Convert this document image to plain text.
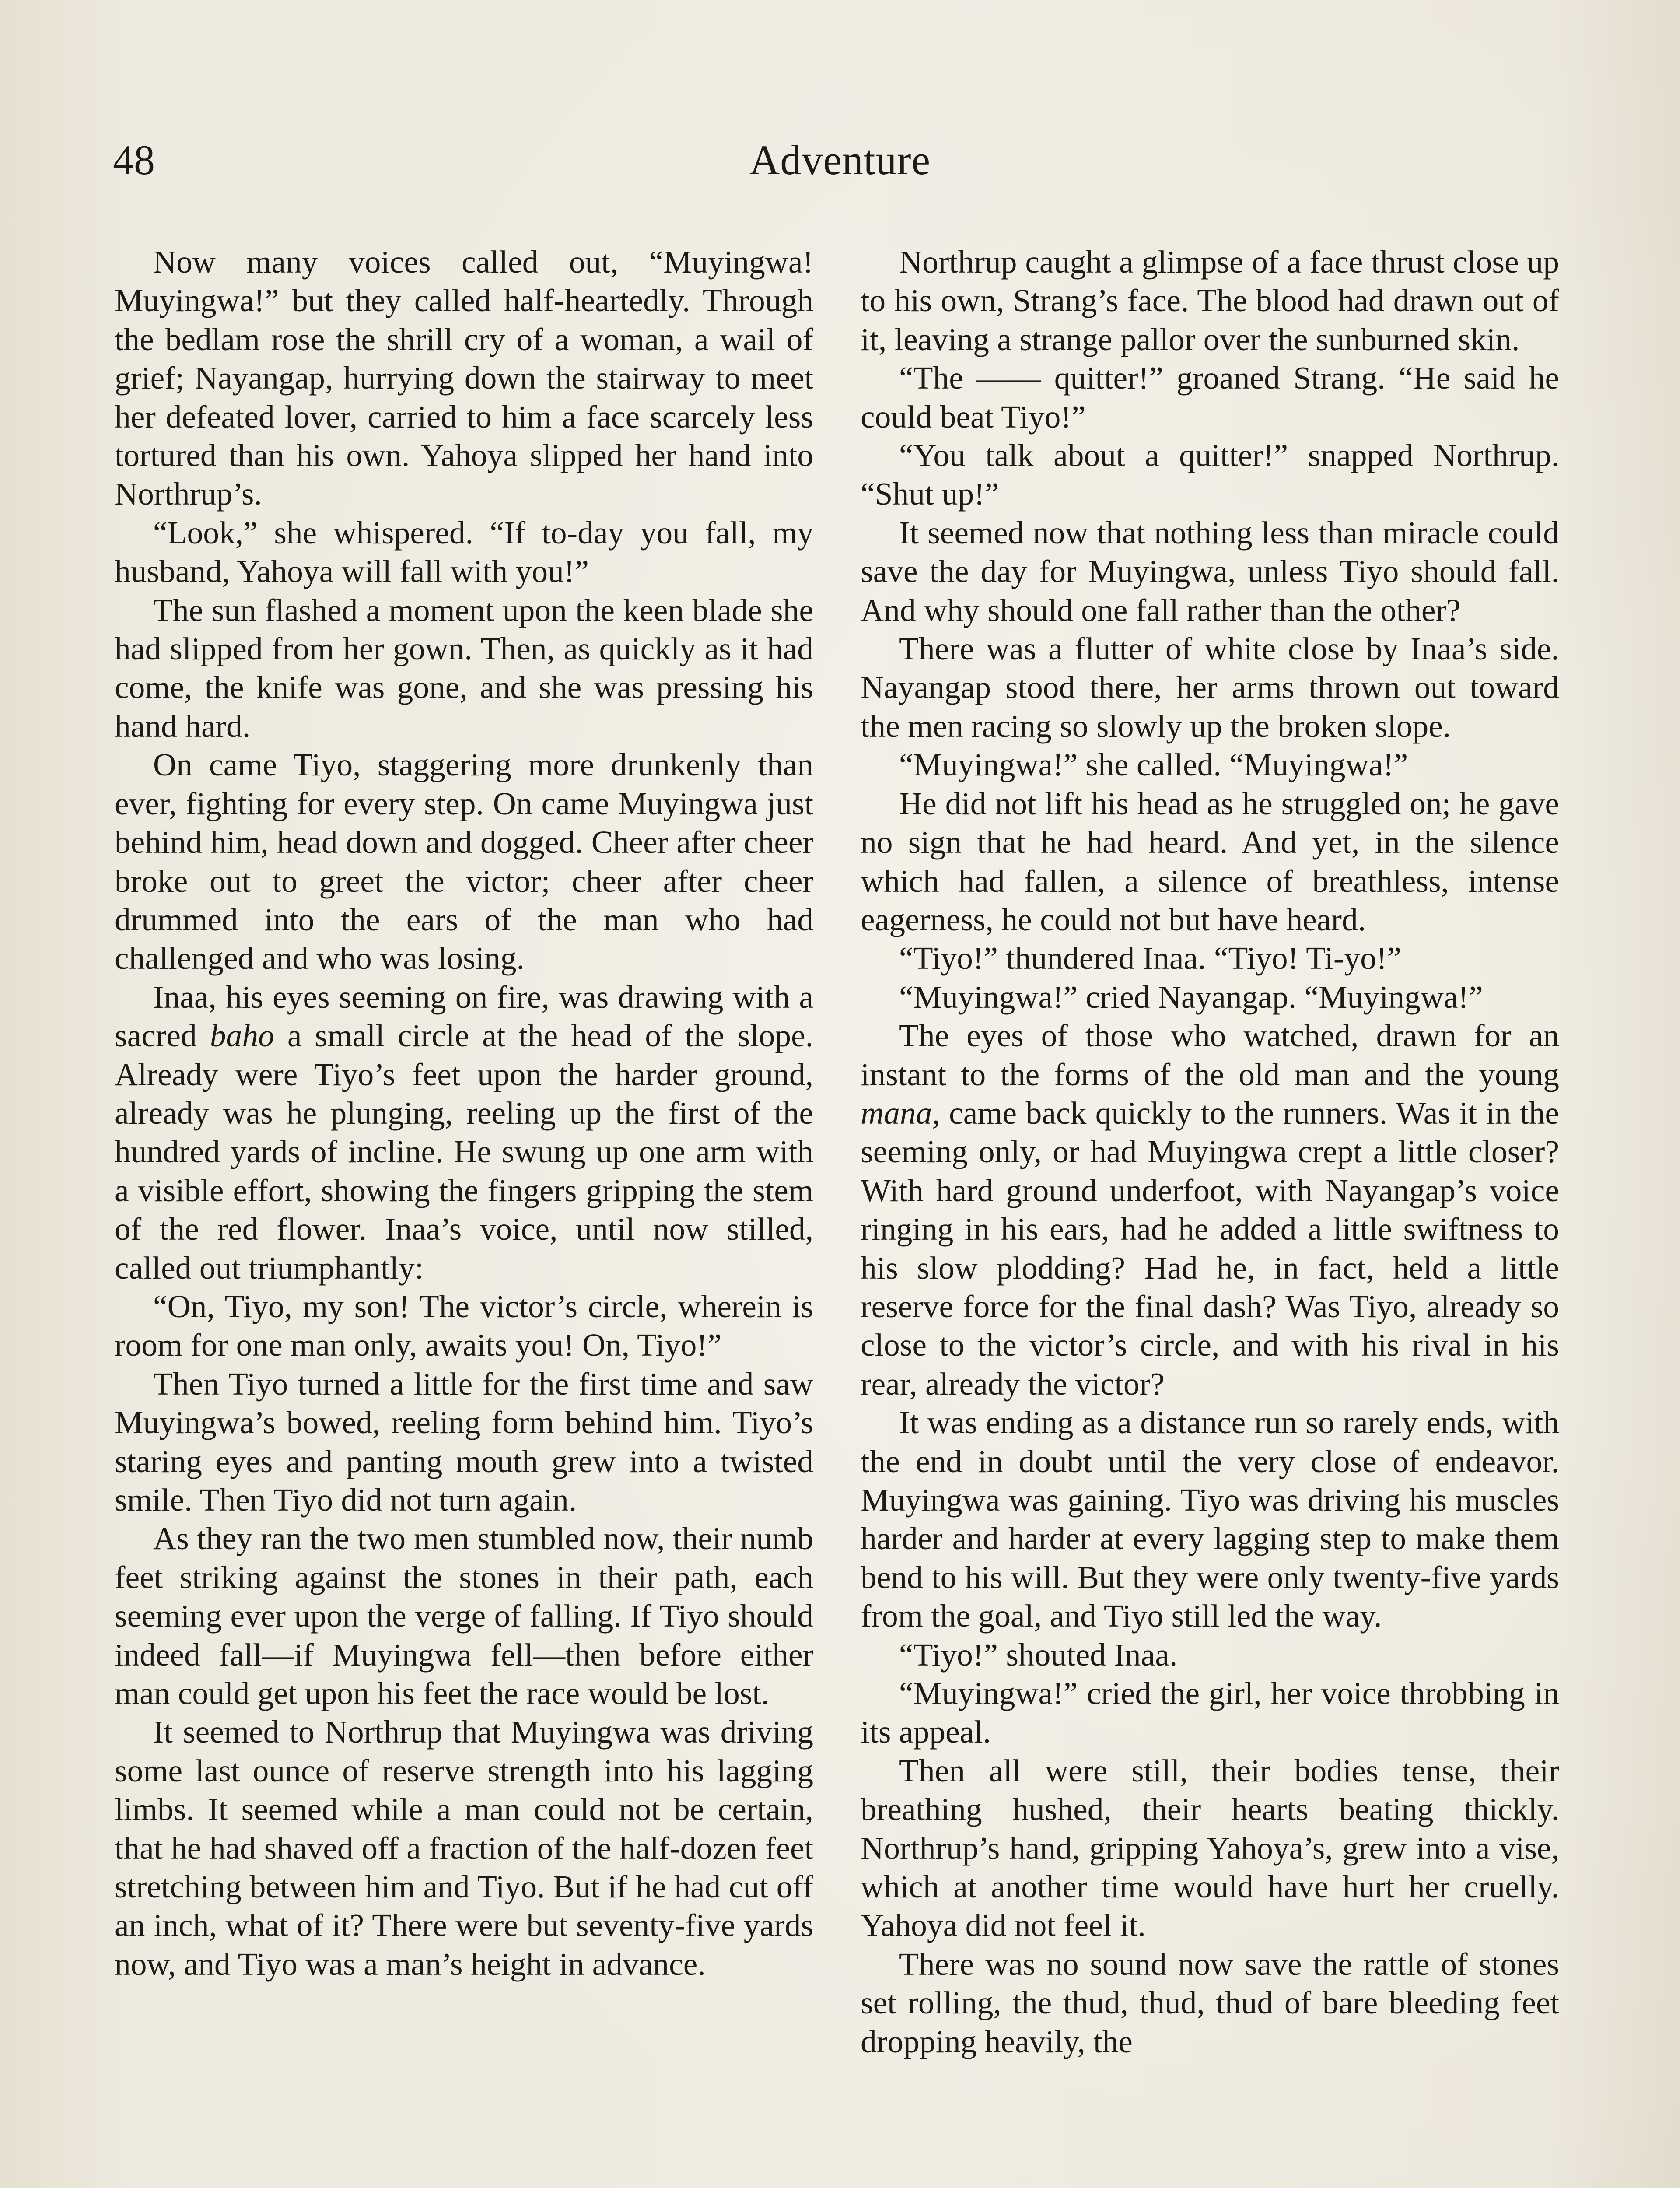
48	Adventure

Now many voices called out, “Muyingwa! Muyingwa!” but they called half-heartedly. Through the bedlam rose the shrill cry of a woman, a wail of grief; Nayangap, hurrying down the stairway to meet her defeated lover, carried to him a face scarcely less tortured than his own. Yahoya slipped her hand into Northrup’s.

“Look,” she whispered. “If to-day you fall, my husband, Yahoya will fall with you!”

The sun flashed a moment upon the keen blade she had slipped from her gown. Then, as quickly as it had come, the knife was gone, and she was pressing his hand hard.

On came Tiyo, staggering more drunkenly than ever, fighting for every step. On came Muyingwa just behind him, head down and dogged. Cheer after cheer broke out to greet the victor; cheer after cheer drummed into the ears of the man who had challenged and who was losing.

Inaa, his eyes seeming on fire, was drawing with a sacred baho a small circle at the head of the slope. Already were Tiyo’s feet upon the harder ground, already was he plunging, reeling up the first of the hundred yards of incline. He swung up one arm with a visible effort, showing the fingers gripping the stem of the red flower. Inaa’s voice, until now stilled, called out triumphantly:

“On, Tiyo, my son! The victor’s circle, wherein is room for one man only, awaits you! On, Tiyo!”

Then Tiyo turned a little for the first time and saw Muyingwa’s bowed, reeling form behind him. Tiyo’s staring eyes and panting mouth grew into a twisted smile. Then Tiyo did not turn again.

As they ran the two men stumbled now, their numb feet striking against the stones in their path, each seeming ever upon the verge of falling. If Tiyo should indeed fall—if Muyingwa fell—then before either man could get upon his feet the race would be lost.

It seemed to Northrup that Muyingwa was driving some last ounce of reserve strength into his lagging limbs. It seemed while a man could not be certain, that he had shaved off a fraction of the half-dozen feet stretching between him and Tiyo. But if he had cut off an inch, what of it? There were but seventy-five yards now, and Tiyo was a man’s height in advance.

Northrup caught a glimpse of a face thrust close up to his own, Strang’s face. The blood had drawn out of it, leaving a strange pallor over the sunburned skin.

“The —— quitter!” groaned Strang. “He said he could beat Tiyo!”

“You talk about a quitter!” snapped Northrup. “Shut up!”

It seemed now that nothing less than miracle could save the day for Muyingwa, unless Tiyo should fall. And why should one fall rather than the other?

There was a flutter of white close by Inaa’s side. Nayangap stood there, her arms thrown out toward the men racing so slowly up the broken slope.

“Muyingwa!” she called. “Muyingwa!”

He did not lift his head as he struggled on; he gave no sign that he had heard. And yet, in the silence which had fallen, a silence of breathless, intense eagerness, he could not but have heard.

“Tiyo!” thundered Inaa. “Tiyo! Ti-yo!”

“Muyingwa!” cried Nayangap. “Muyingwa!”

The eyes of those who watched, drawn for an instant to the forms of the old man and the young mana, came back quickly to the runners. Was it in the seeming only, or had Muyingwa crept a little closer? With hard ground underfoot, with Nayangap’s voice ringing in his ears, had he added a little swiftness to his slow plodding? Had he, in fact, held a little reserve force for the final dash? Was Tiyo, already so close to the victor’s circle, and with his rival in his rear, already the victor?

It was ending as a distance run so rarely ends, with the end in doubt until the very close of endeavor. Muyingwa was gaining. Tiyo was driving his muscles harder and harder at every lagging step to make them bend to his will. But they were only twenty-five yards from the goal, and Tiyo still led the way.

“Tiyo!” shouted Inaa.

“Muyingwa!” cried the girl, her voice throbbing in its appeal.

Then all were still, their bodies tense, their breathing hushed, their hearts beating thickly. Northrup’s hand, gripping Yahoya’s, grew into a vise, which at another time would have hurt her cruelly. Yahoya did not feel it.

There was no sound now save the rattle of stones set rolling, the thud, thud, thud of bare bleeding feet dropping heavily, the
